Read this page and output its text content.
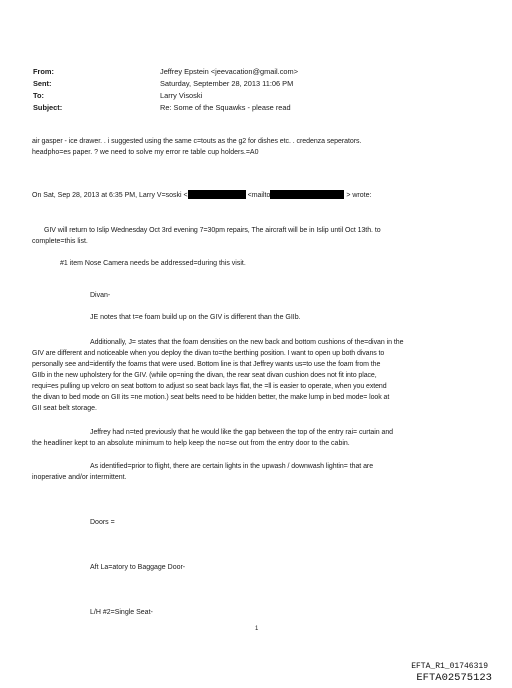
From:	Jeffrey Epstein <jeevacation@gmail.com>
Sent:	Saturday, September 28, 2013 11:06 PM
To:	Larry Visoski
Subject:	Re: Some of the Squawks - please read
air gasper - ice drawer. . i suggested using the same c=touts as the g2 for dishes etc. . credenza seperators.
headpho=es paper. ? we need to solve my error re table cup holders.=A0
On Sat, Sep 28, 2013 at 6:35 PM, Larry V=soski <	<mailto	> wrote:
GIV will return to Islip Wednesday Oct 3rd evening 7=30pm repairs, The aircraft will be in Islip until Oct 13th. to
complete=this list.
#1 item Nose Camera needs be addressed=during this visit.
Divan-
JE notes that t=e foam build up on the GIV is different than the GIIb.
Additionally, J= states that the foam densities on the new back and bottom cushions of the=divan in the
GIV are different and noticeable when you deploy the divan to=the berthing position. I want to open up both divans to
personally see and=identify the foams that were used. Bottom line is that Jeffrey wants us=to use the foam from the
GIIb in the new upholstery for the GIV. (while op=ning the divan, the rear seat divan cushion does not fit into place,
requi=es pulling up velcro on seat bottom to adjust so seat back lays flat, the =ll is easier to operate, when you extend
the divan to bed mode on GII its =ne motion.) seat belts need to be hidden better, the make lump in bed mode= look at
GII seat belt storage.
Jeffrey had n=ted previously that he would like the gap between the top of the entry rai= curtain and
the headliner kept to an absolute minimum to help keep the no=se out from the entry door to the cabin.
As identified=prior to flight, there are certain lights in the upwash / downwash lightin= that are
inoperative and/or intermittent.
Doors =
Aft La=atory to Baggage Door-
L/H #2=Single Seat-
1
EFTA_R1_01746319
EFTA02575123
